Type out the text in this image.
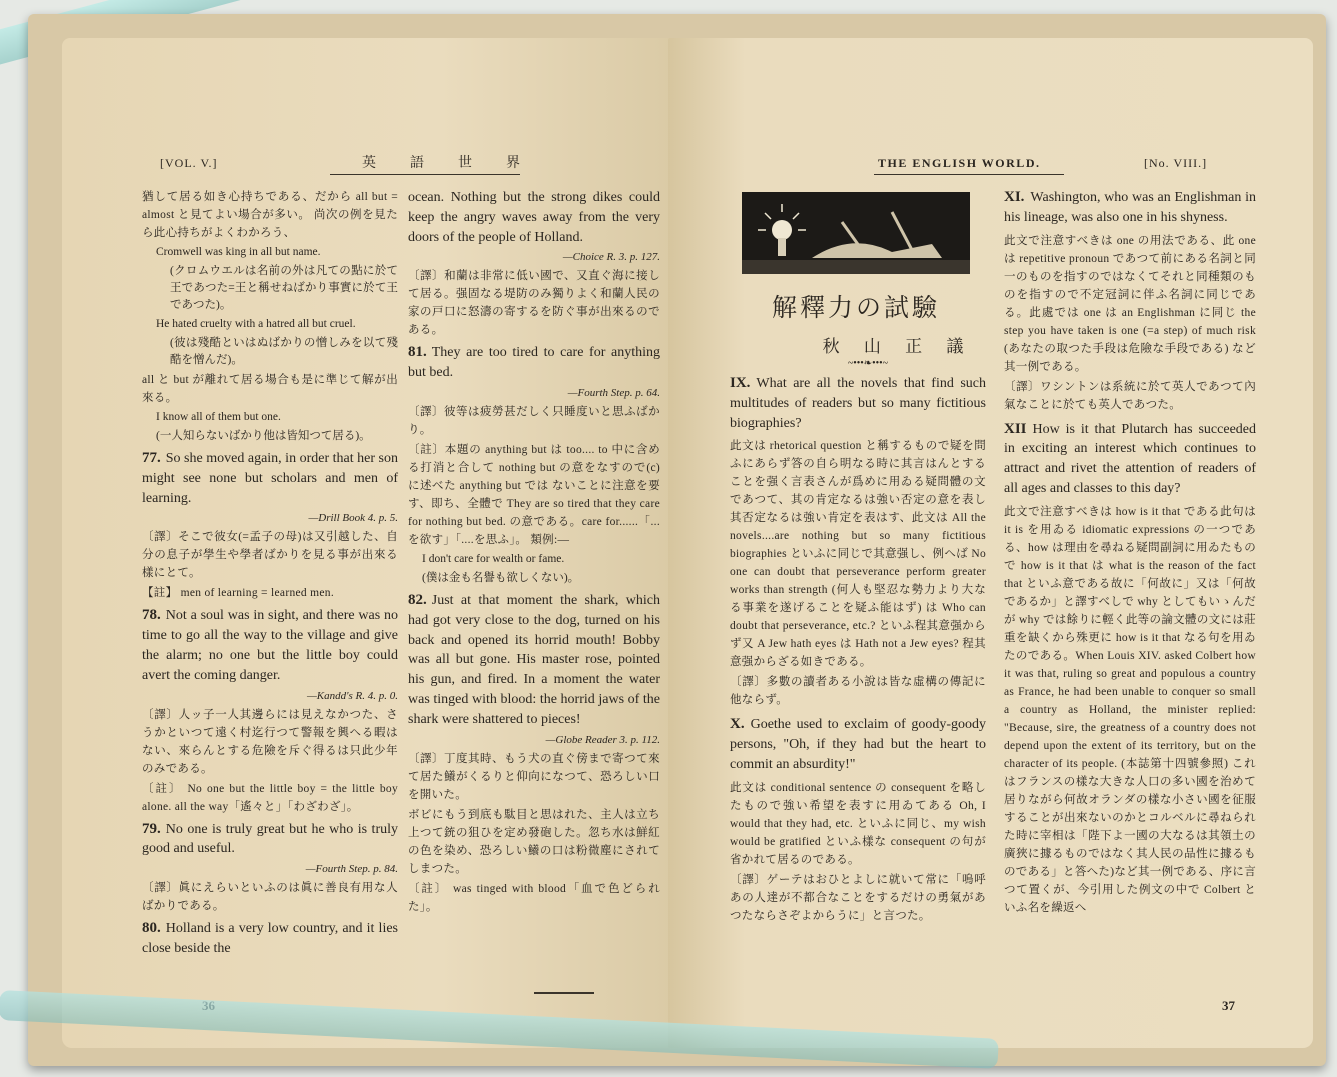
[VOL. V.]	英　語　世　界

猶して居る如き心持ちである、だから all but = almost と見てよい場合が多い。 尚次の例を見たら此心持ちがよくわかろう、

Cromwell was king in all but name.

(クロムウエルは名前の外は凡ての點に於て王であつた=王と稱せねばかり事實に於て王であつた)。

He hated cruelty with a hatred all but cruel.

(彼は殘酷といはぬばかりの憎しみを以て殘酷を憎んだ)。

all と but が離れて居る場合も是に準じて解が出來る。

I know all of them but one.

(一人知らないばかり他は皆知つて居る)。

77. So she moved again, in order that her son might see none but scholars and men of learning.

—Drill Book 4. p. 5.

〔譯〕そこで彼女(=孟子の母)は又引越した、自分の息子が學生や學者ばかりを見る事が出來る樣にとて。

【註】 men of learning = learned men.

78. Not a soul was in sight, and there was no time to go all the way to the village and give the alarm; no one but the little boy could avert the coming danger.

—Kandd's R. 4. p. 0.

〔譯〕人ッ子一人其邊らには見えなかつた、さうかといつて遠く村迄行つて警報を興へる暇はない、來らんとする危險を斥ぐ得るは只此少年のみである。

〔註〕 No one but the little boy = the little boy alone. all the way「遙々と」「わざわざ」。

79. No one is truly great but he who is truly good and useful.

—Fourth Step. p. 84.

〔譯〕眞にえらいといふのは眞に善良有用な人ばかりである。

80. Holland is a very low country, and it lies close beside the

ocean. Nothing but the strong dikes could keep the angry waves away from the very doors of the people of Holland.

—Choice R. 3. p. 127.

〔譯〕和蘭は非常に低い國で、又直ぐ海に接して居る。强固なる堤防のみ獨りよく和蘭人民の家の戸口に怒濤の寄するを防ぐ事が出來るのである。

81. They are too tired to care for anything but bed.

—Fourth Step. p. 64.

〔譯〕彼等は疲勞甚だしく只睡度いと思ふばかり。

〔註〕本題の anything but は too.... to 中に含める打消と合して nothing but の意をなすので(c)に述べた anything but では ないことに注意を要す、即ち、全體で They are so tired that they care for nothing but bed. の意である。care for......「...を欲す」「....を思ふ」。 類例:—

I don't care for wealth or fame.

(僕は金も名譽も欲しくない)。

82. Just at that moment the shark, which had got very close to the dog, turned on his back and opened its horrid mouth! Bobby was all but gone. His master rose, pointed his gun, and fired. In a moment the water was tinged with blood: the horrid jaws of the shark were shattered to pieces!

—Globe Reader 3. p. 112.

〔譯〕丁度其時、もう犬の直ぐ傍まで寄つて來て居た鱶がくるりと仰向になつて、恐ろしい口を開いた。

ボビにもう到底も駄目と思はれた、主人は立ち上つて銃の狙ひを定め發砲した。忽ち水は鮮紅の色を染め、恐ろしい鱶の口は粉微塵にされてしまつた。

〔註〕 was tinged with blood「血で色どられた」。

THE ENGLISH WORLD.	[No. VIII.]
解釋力の試驗
秋 山 正 議
~•••❧•••~

IX. What are all the novels that find such multitudes of readers but so many fictitious biographies?

此文は rhetorical question と稱するもので疑を問ふにあらず答の自ら明なる時に其言はんとすることを强く言表さんが爲めに用ゐる疑問體の文であつて、其の肯定なるは強い否定の意を表し其否定なるは強い肯定を表はす、此文は All the novels....are nothing but so many fictitious biographies といふに同じで其意强し、例へば No one can doubt that perseverance perform greater works than strength (何人も堅忍な勢力より大なる事業を遂げることを疑ふ能はず) は Who can doubt that perseverance, etc.? といふ程其意强からず又 A Jew hath eyes は Hath not a Jew eyes? 程其意强からざる如きである。

〔譯〕多數の讀者ある小說は皆な虛構の傳記に他ならず。

X. Goethe used to exclaim of goody-goody persons, "Oh, if they had but the heart to commit an absurdity!"

此文は conditional sentence の consequent を略したもので強い希望を表すに用ゐてある Oh, I would that they had, etc. といふに同じ、my wish would be gratified といふ樣な consequent の句が省かれて居るのである。

〔譯〕ゲーテはおひとよしに就いて常に「嗚呼あの人達が不都合なことをするだけの勇氣があつたならさぞよからうに」と言つた。

XI. Washington, who was an Englishman in his lineage, was also one in his shyness.

此文で注意すべきは one の用法である、此 one は repetitive pronoun であつて前にある名詞と同一のものを指すのではなくてそれと同種類のものを指すので不定冠詞に伴ふ名詞に同じである。此處では one は an Englishman に同じ the step you have taken is one (=a step) of much risk (あなたの取つた手段は危險な手段である) など其一例である。

〔譯〕ワシントンは系統に於て英人であつて內氣なことに於ても英人であつた。

XII How is it that Plutarch has succeeded in exciting an interest which continues to attract and rivet the attention of readers of all ages and classes to this day?

此文で注意すべきは how is it that である此句は it is を用ゐる idiomatic expressions の一つである、how は理由を尋ねる疑問副詞に用ゐたもので how is it that は what is the reason of the fact that といふ意である故に「何故に」又は「何故であるか」と譯すべしで why としてもいゝんだが why では餘りに輕く此等の論文體の文には莊重を缺くから殊更に how is it that なる句を用ゐたのである。When Louis XIV. asked Colbert how it was that, ruling so great and populous a country as France, he had been unable to conquer so small a country as Holland, the minister replied: "Because, sire, the greatness of a country does not depend upon the extent of its territory, but on the character of its people. (本誌第十四號參照) これはフランスの樣な大きな人口の多い國を治めて居りながら何故オランダの樣な小さい國を征服することが出來ないのかとコルベルに尋ねられた時に宰相は「陛下よ一國の大なるは其領土の廣狹に據るものではなく其人民の品性に據るものである」と答へた)など其一例である、序に言つて置くが、今引用した例文の中で Colbert といふ名を繰返へ

37
